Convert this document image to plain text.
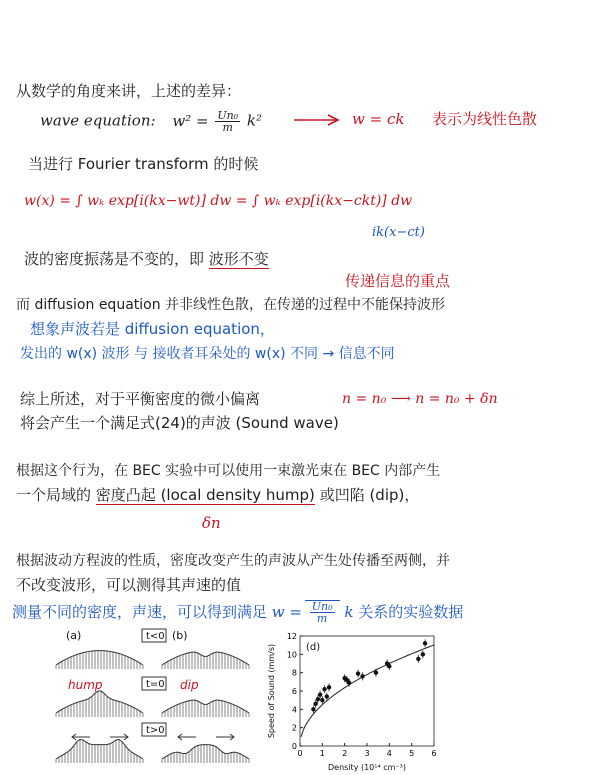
从数学的角度来讲，上述的差异：
wave equation: $w^2 = \frac{\text{Un₀}}{m} k^2$	w = ck 表示为线性色散
当进行 Fourier transform 的时候
w(x) = ∫ wₖ exp[i(kx−wt)] dw = ∫ wₖ exp[i(kx−ckt)] dw
ik(x−ct)
波的密度振荡是不变的，即 波形不变
传递信息的重点
而 diffusion equation 并非线性色散，在传递的过程中不能保持波形
想象声波若是 diffusion equation，
发出的 w(x) 波形 与 接收者耳朵处的 w(x) 不同 → 信息不同
综上所述，对于平衡密度的微小偏离	n = n₀ ⟶ n = n₀ + δn
将会产生一个满足式(24)的声波 (Sound wave)
根据这个行为，在 BEC 实验中可以使用一束激光束在 BEC 内部产生
一个局域的 密度凸起 (local density hump) 或凹陷 (dip)，
δn
根据波动方程波的性质，密度改变产生的声波从产生处传播至两侧，并
不改变波形，可以测得其声速的值
测量不同的密度，声速，可以得到满足 $w = \frac{\text{Un₀}}{m}$ k 关系的实验数据
(a)	(b)
t<0
t=0
t>0
hump	dip
(d)
0 1 2 3 4 5 6
0
2
4
6
8
10
12
Density (10¹⁴ cm⁻³)
Speed of Sound (mm/s)
